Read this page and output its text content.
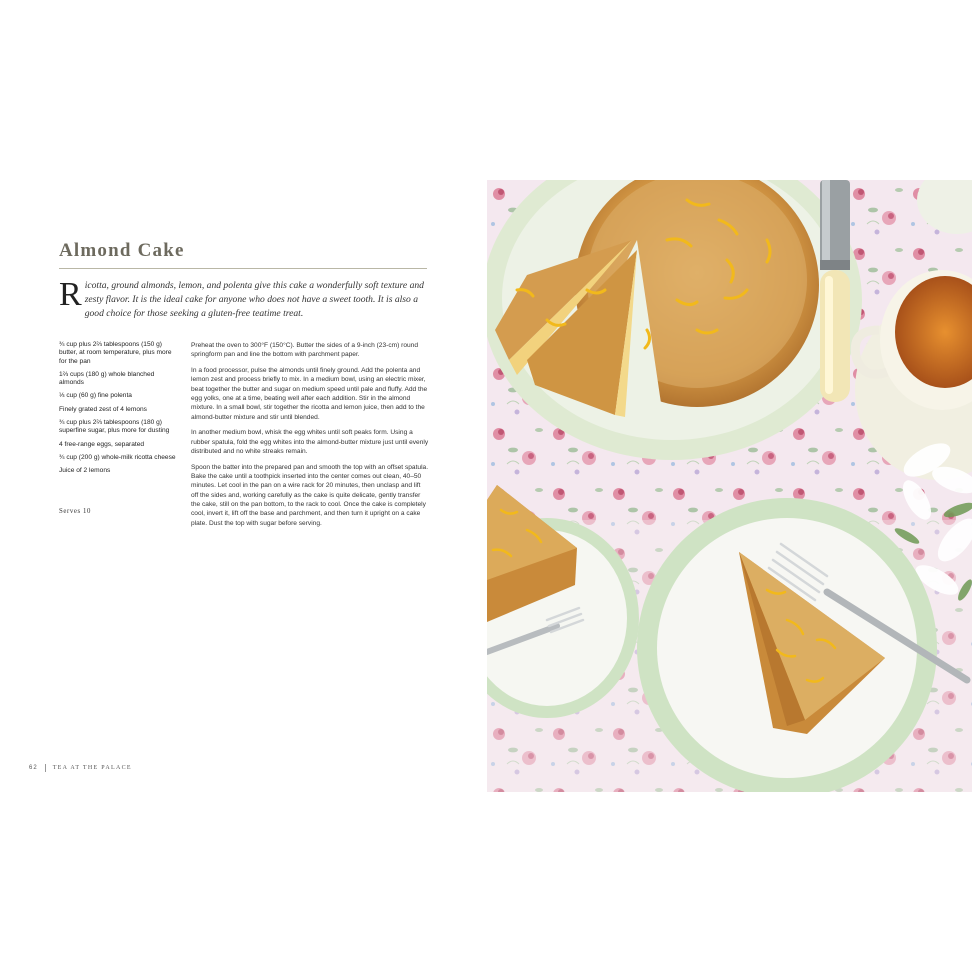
Almond Cake
R icotta, ground almonds, lemon, and polenta give this cake a wonderfully soft texture and zesty flavor. It is the ideal cake for anyone who does not have a sweet tooth. It is also a good choice for those seeking a gluten-free teatime treat.
¾ cup plus 2⅔ tablespoons (150 g) butter, at room temperature, plus more for the pan
1⅔ cups (180 g) whole blanched almonds
⅓ cup (60 g) fine polenta
Finely grated zest of 4 lemons
¾ cup plus 2⅔ tablespoons (180 g) superfine sugar, plus more for dusting
4 free-range eggs, separated
¾ cup (200 g) whole-milk ricotta cheese
Juice of 2 lemons
Serves 10

Preheat the oven to 300°F (150°C). Butter the sides of a 9-inch (23-cm) round springform pan and line the bottom with parchment paper.

In a food processor, pulse the almonds until finely ground. Add the polenta and lemon zest and process briefly to mix. In a medium bowl, using an electric mixer, beat together the butter and sugar on medium speed until pale and fluffy. Add the egg yolks, one at a time, beating well after each addition. Stir in the almond mixture. In a small bowl, stir together the ricotta and lemon juice, then add to the almond-butter mixture and stir until blended.

In another medium bowl, whisk the egg whites until soft peaks form. Using a rubber spatula, fold the egg whites into the almond-butter mixture just until evenly distributed and no white streaks remain.

Spoon the batter into the prepared pan and smooth the top with an offset spatula. Bake the cake until a toothpick inserted into the center comes out clean, 40–50 minutes. Let cool in the pan on a wire rack for 20 minutes, then unclasp and lift off the sides and, working carefully as the cake is quite delicate, gently transfer the cake, still on the pan bottom, to the rack to cool. Once the cake is completely cool, invert it, lift off the base and parchment, and then turn it upright on a cake plate. Dust the top with sugar before serving.

62	TEA AT THE PALACE
